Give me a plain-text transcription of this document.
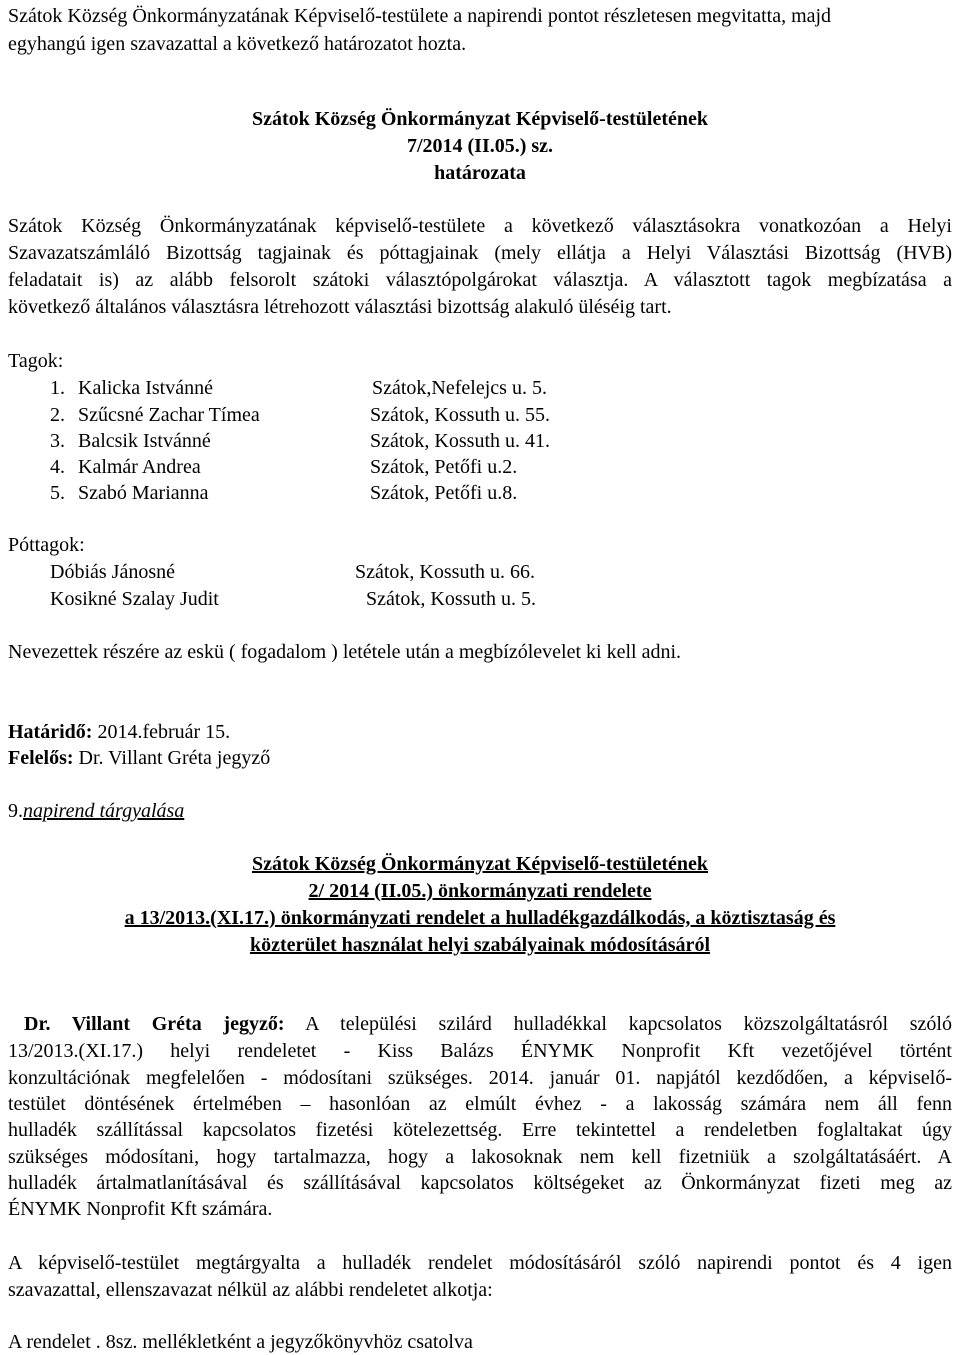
Szátok Község Önkormányzatának Képviselő-testülete a napirendi pontot részletesen megvitatta, majd
egyhangú igen szavazattal a következő határozatot hozta.
Szátok Község Önkormányzat Képviselő-testületének
7/2014 (II.05.) sz.
határozata
Szátok Község Önkormányzatának képviselő-testülete a következő választásokra vonatkozóan a Helyi
Szavazatszámláló Bizottság tagjainak és póttagjainak (mely ellátja a Helyi Választási Bizottság (HVB)
feladatait is) az alább felsorolt szátoki választópolgárokat választja. A választott tagok megbízatása a
következő általános választásra létrehozott választási bizottság alakuló üléséig tart.
Tagok:
1. Kalicka Istvánné	Szátok,Nefelejcs u. 5.
2. Szűcsné Zachar Tímea	Szátok, Kossuth u. 55.
3. Balcsik Istvánné	Szátok, Kossuth u. 41.
4. Kalmár Andrea	Szátok, Petőfi u.2.
5. Szabó Marianna	Szátok, Petőfi u.8.
Póttagok:
Dóbiás Jánosné	Szátok, Kossuth u. 66.
Kosikné Szalay Judit	Szátok, Kossuth u. 5.
Nevezettek részére az eskü ( fogadalom ) letétele után a megbízólevelet ki kell adni.
Határidő: 2014.február 15.
Felelős: Dr. Villant Gréta jegyző
9.napirend tárgyalása
Szátok Község Önkormányzat Képviselő-testületének
2/ 2014 (II.05.) önkormányzati rendelete
a 13/2013.(XI.17.) önkormányzati rendelet a hulladékgazdálkodás, a köztisztaság és
közterület használat helyi szabályainak módosításáról
Dr. Villant Gréta jegyző: A települési szilárd hulladékkal kapcsolatos közszolgáltatásról szóló
13/2013.(XI.17.) helyi rendeletet - Kiss Balázs ÉNYMK Nonprofit Kft vezetőjével történt
konzultációnak megfelelően - módosítani szükséges. 2014. január 01. napjától kezdődően, a képviselő-
testület döntésének értelmében – hasonlóan az elmúlt évhez - a lakosság számára nem áll fenn
hulladék szállítással kapcsolatos fizetési kötelezettség. Erre tekintettel a rendeletben foglaltakat úgy
szükséges módosítani, hogy tartalmazza, hogy a lakosoknak nem kell fizetniük a szolgáltatásáért. A
hulladék ártalmatlanításával és szállításával kapcsolatos költségeket az Önkormányzat fizeti meg az
ÉNYMK Nonprofit Kft számára.
A képviselő-testület megtárgyalta a hulladék rendelet módosításáról szóló napirendi pontot és 4 igen
szavazattal, ellenszavazat nélkül az alábbi rendeletet alkotja:
A rendelet . 8sz. mellékletként a jegyzőkönyvhöz csatolva
